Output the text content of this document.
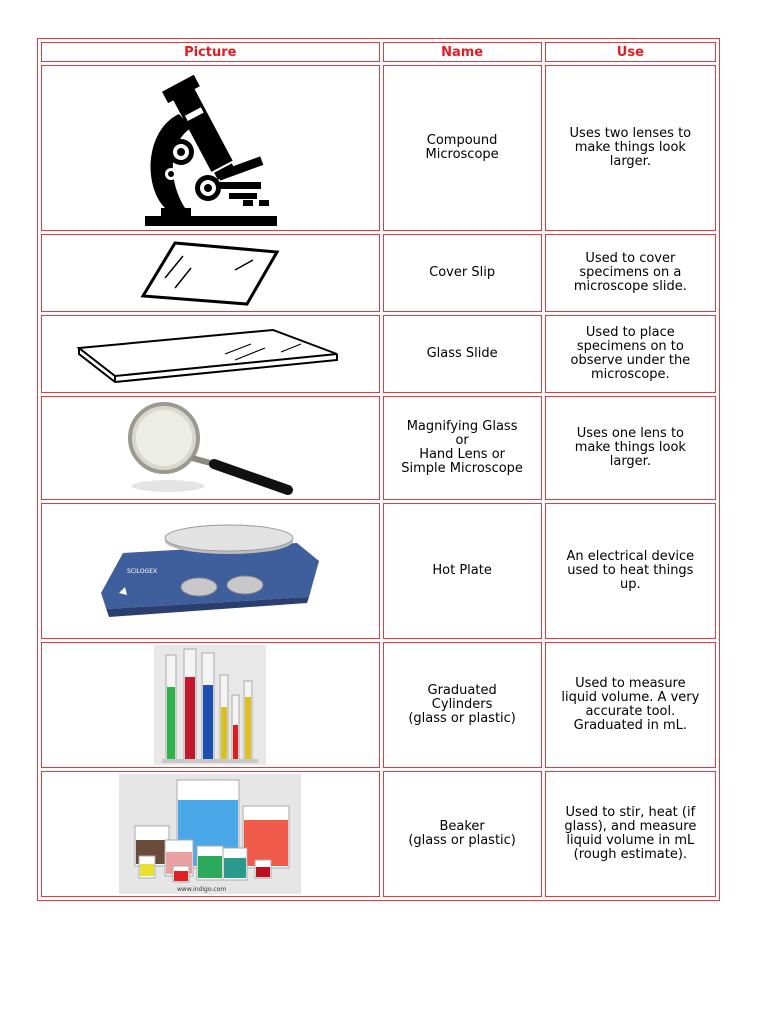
Picture	Name	Use

	Compound
Microscope	Uses two lenses to
make things look
larger.

	Cover Slip	Used to cover
specimens on a
microscope slide.

	Glass Slide	Used to place
specimens on to
observe under the
microscope.

	Magnifying Glass
or
Hand Lens or
Simple Microscope	Uses one lens to
make things look
larger.

SCILOGEX	Hot Plate	An electrical device
used to heat things
up.

	Graduated
Cylinders
(glass or plastic)	Used to measure
liquid volume. A very
accurate tool.
Graduated in mL.

www.indigo.com	Beaker
(glass or plastic)	Used to stir, heat (if
glass), and measure
liquid volume in mL
(rough estimate).
